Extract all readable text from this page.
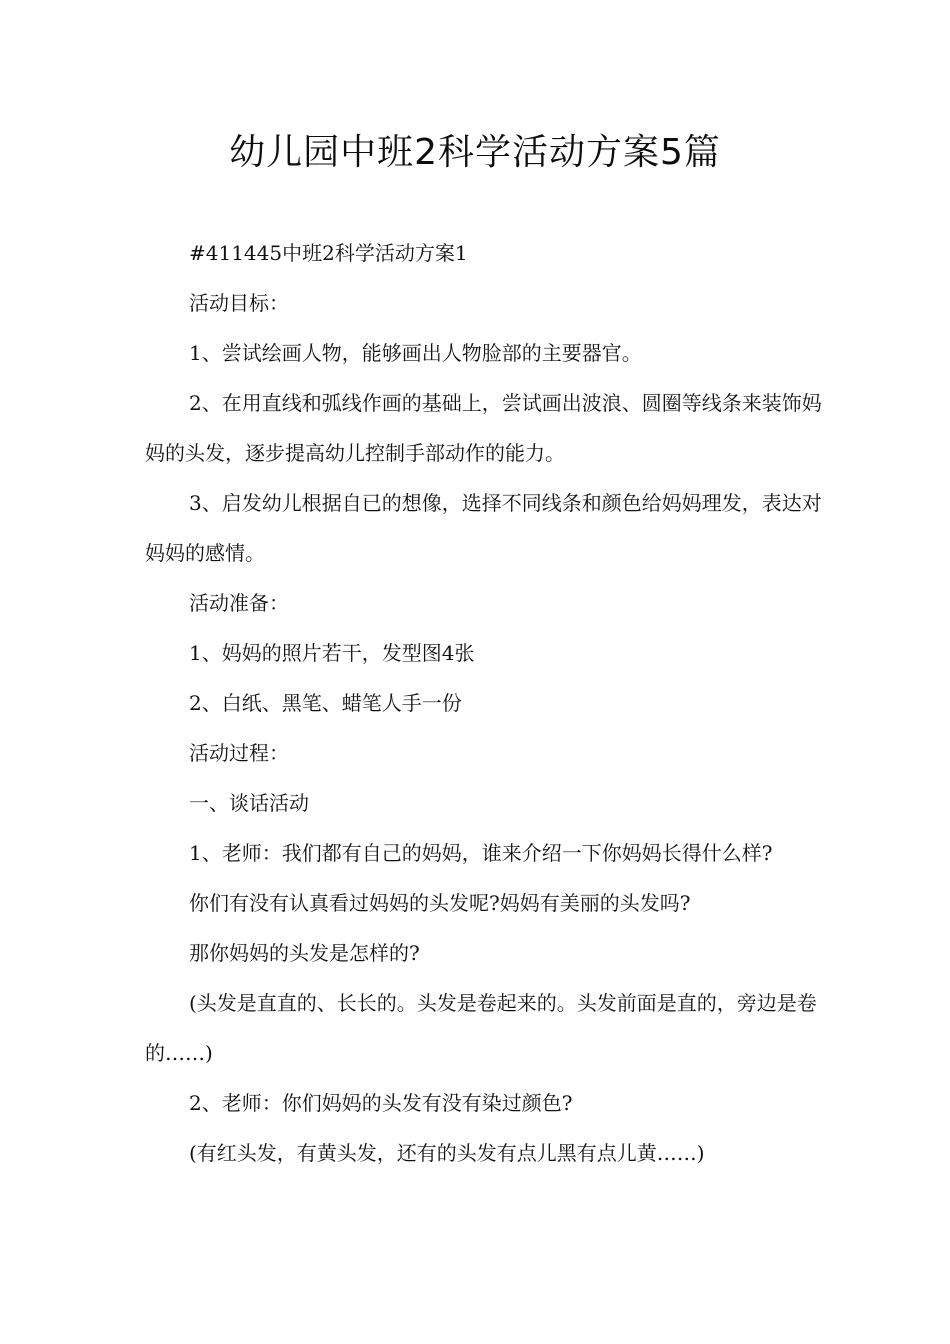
幼儿园中班2科学活动方案5篇

#411445中班2科学活动方案1

活动目标：

1、尝试绘画人物，能够画出人物脸部的主要器官。

2、在用直线和弧线作画的基础上，尝试画出波浪、圆圈等线条来装饰妈妈的头发，逐步提高幼儿控制手部动作的能力。

3、启发幼儿根据自已的想像，选择不同线条和颜色给妈妈理发，表达对妈妈的感情。

活动准备：

1、妈妈的照片若干，发型图4张

2、白纸、黑笔、蜡笔人手一份

活动过程：

一、谈话活动

1、老师：我们都有自己的妈妈，谁来介绍一下你妈妈长得什么样?

你们有没有认真看过妈妈的头发呢?妈妈有美丽的头发吗?

那你妈妈的头发是怎样的?

(头发是直直的、长长的。头发是卷起来的。头发前面是直的，旁边是卷的……)

2、老师：你们妈妈的头发有没有染过颜色?

(有红头发，有黄头发，还有的头发有点儿黑有点儿黄……)
